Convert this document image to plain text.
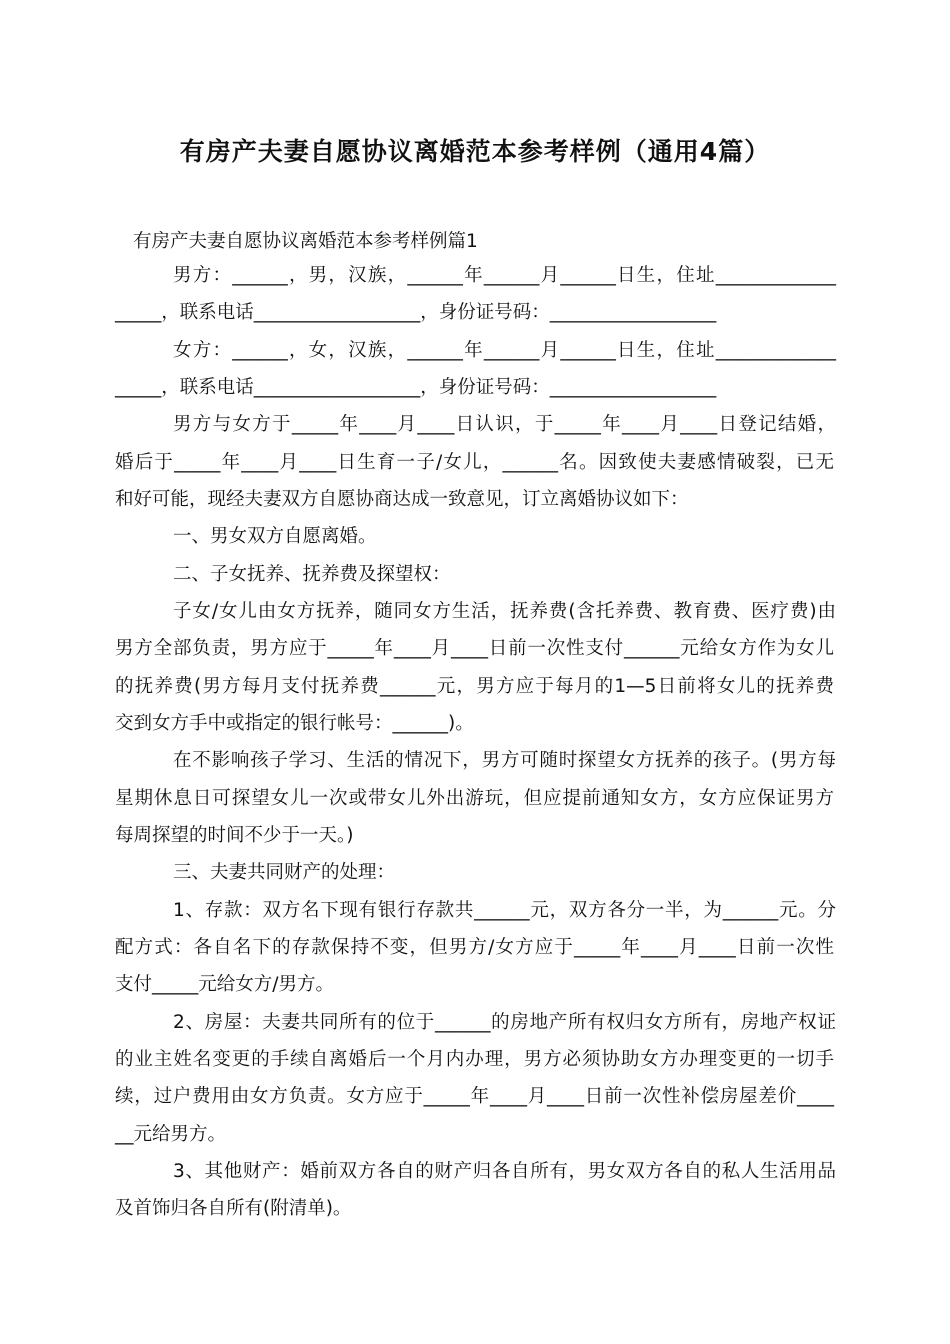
有房产夫妻自愿协议离婚范本参考样例（通用4篇）
有房产夫妻自愿协议离婚范本参考样例篇1
男方：______，男，汉族，______年______月______日生，住址_____________
_____，联系电话__________________，身份证号码：__________________
女方：______，女，汉族，______年______月______日生，住址_____________
_____，联系电话__________________，身份证号码：__________________
男方与女方于_____年____月____日认识，于_____年____月____日登记结婚，
婚后于_____年____月____日生育一子/女儿，______名。因致使夫妻感情破裂，已无
和好可能，现经夫妻双方自愿协商达成一致意见，订立离婚协议如下：
一、男女双方自愿离婚。
二、子女抚养、抚养费及探望权：
子女/女儿由女方抚养，随同女方生活，抚养费(含托养费、教育费、医疗费)由
男方全部负责，男方应于_____年____月____日前一次性支付______元给女方作为女儿
的抚养费(男方每月支付抚养费______元，男方应于每月的1—5日前将女儿的抚养费
交到女方手中或指定的银行帐号：______)。
在不影响孩子学习、生活的情况下，男方可随时探望女方抚养的孩子。(男方每
星期休息日可探望女儿一次或带女儿外出游玩，但应提前通知女方，女方应保证男方
每周探望的时间不少于一天。)
三、夫妻共同财产的处理：
1、存款：双方名下现有银行存款共______元，双方各分一半，为______元。分
配方式：各自名下的存款保持不变，但男方/女方应于_____年____月____日前一次性
支付_____元给女方/男方。
2、房屋：夫妻共同所有的位于______的房地产所有权归女方所有，房地产权证
的业主姓名变更的手续自离婚后一个月内办理，男方必须协助女方办理变更的一切手
续，过户费用由女方负责。女方应于_____年____月____日前一次性补偿房屋差价____
__元给男方。
3、其他财产：婚前双方各自的财产归各自所有，男女双方各自的私人生活用品
及首饰归各自所有(附清单)。
